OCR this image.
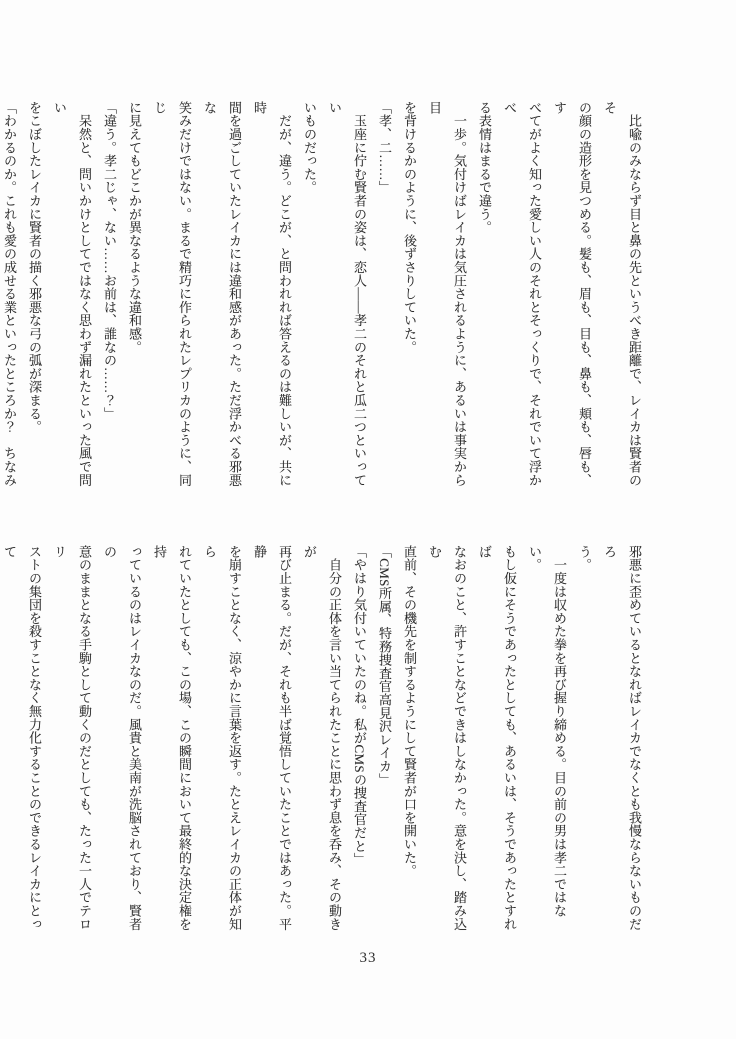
　比喩のみならず目と鼻の先というべき距離で、レイカは賢者のそ

の顔の造形を見つめる。髪も、眉も、目も、鼻も、頬も、唇も、す

べてがよく知った愛しい人のそれとそっくりで、それでいて浮かべ

る表情はまるで違う。

　一歩。気付けばレイカは気圧されるように、あるいは事実から目

を背けるかのように、後ずさりしていた。

「孝、二……」

　玉座に佇む賢者の姿は、恋人――孝二のそれと瓜二つといってい

いものだった。

　だが、違う。どこが、と問われれば答えるのは難しいが、共に時

間を過ごしていたレイカには違和感があった。ただ浮かべる邪悪な

笑みだけではない。まるで精巧に作られたレプリカのように、同じ

に見えてもどこかが異なるような違和感。

「違う。孝二じゃ、ない……お前は、誰なの……？」

　呆然と、問いかけとしてではなく思わず漏れたといった風で問い

をこぼしたレイカに賢者の描く邪悪な弓の弧が深まる。

「わかるのか。これも愛の成せる業といったところか？　ちなみ

邪悪に歪めているとなればレイカでなくとも我慢ならないものだろ

う。

　一度は収めた拳を再び握り締める。目の前の男は孝二ではない。

もし仮にそうであったとしても、あるいは、そうであったとすれば

なおのこと、許すことなどできはしなかった。意を決し、踏み込む

直前、その機先を制するようにして賢者が口を開いた。

「CMS所属、特務捜査官高見沢レイカ」

「やはり気付いていたのね。私がCMSの捜査官だと」

　自分の正体を言い当てられたことに思わず息を呑み、その動きが

再び止まる。だが、それも半ば覚悟していたことではあった。平静

を崩すことなく、涼やかに言葉を返す。たとえレイカの正体が知ら

れていたとしても、この場、この瞬間において最終的な決定権を持

っているのはレイカなのだ。風貴と美南が洗脳されており、賢者の

意のままとなる手駒として動くのだとしても、たった一人でテロリ

ストの集団を殺すことなく無力化することのできるレイカにとって

33
